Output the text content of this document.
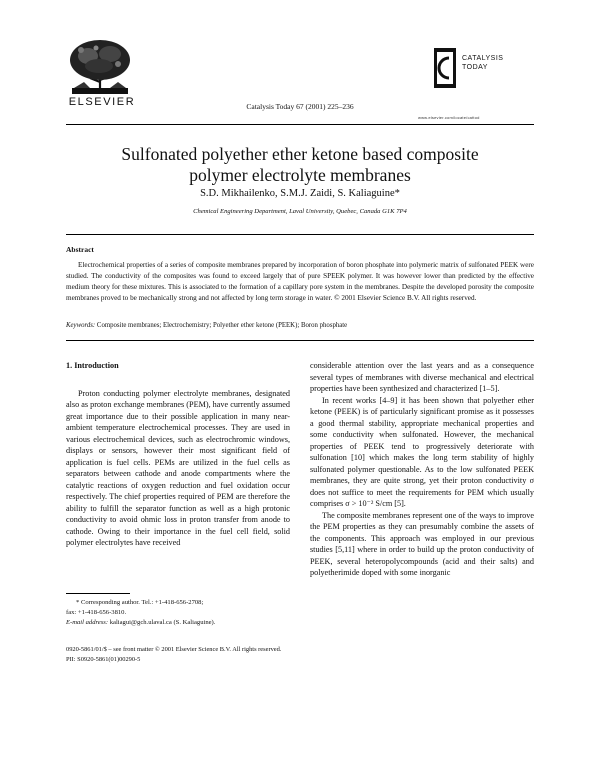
ELSEVIER	Catalysis Today 67 (2001) 225–236
CATALYSIS
TODAY
www.elsevier.com/locate/cattod
Sulfonated polyether ether ketone based composite
polymer electrolyte membranes
S.D. Mikhailenko, S.M.J. Zaidi, S. Kaliaguine*
Chemical Engineering Department, Laval University, Quebec, Canada G1K 7P4
Abstract

Electrochemical properties of a series of composite membranes prepared by incorporation of boron phosphate into polymeric matrix of sulfonated PEEK were studied. The conductivity of the composites was found to exceed largely that of pure SPEEK polymer. It was however lower than predicted by the effective medium theory for these mixtures. This is associated to the formation of a capillary pore system in the membranes. Despite the developed porosity the composite membranes proved to be mechanically strong and not affected by long term storage in water. © 2001 Elsevier Science B.V. All rights reserved.

Keywords: Composite membranes; Electrochemistry; Polyether ether ketone (PEEK); Boron phosphate
1. Introduction

Proton conducting polymer electrolyte membranes, designated also as proton exchange membranes (PEM), have currently assumed great importance due to their possible application in many near-ambient temperature electrochemical processes. They are used in various electrochemical devices, such as electrochromic windows, displays or sensors, however their most significant field of application is fuel cells. PEMs are utilized in the fuel cells as separators between cathode and anode compartments where the catalytic reactions of oxygen reduction and fuel oxidation occur respectively. The chief properties required of PEM are therefore the ability to fulfill the separator function as well as a high protonic conductivity to avoid ohmic loss in proton transfer from anode to cathode. Owing to their importance in the fuel cell field, solid polymer electrolytes have received

considerable attention over the last years and as a consequence several types of membranes with diverse mechanical and electrical properties have been synthesized and characterized [1–5].

In recent works [4–9] it has been shown that polyether ether ketone (PEEK) is of particularly significant promise as it possesses a good thermal stability, appropriate mechanical properties and some conductivity when sulfonated. However, the mechanical properties of PEEK tend to progressively deteriorate with sulfonation [10] which makes the long term stability of highly sulfonated polymer questionable. As to the low sulfonated PEEK membranes, they are quite strong, yet their proton conductivity σ does not suffice to meet the requirements for PEM which usually comprises σ > 10⁻² S/cm [5].

The composite membranes represent one of the ways to improve the PEM properties as they can presumably combine the assets of the components. This approach was employed in our previous studies [5,11] where in order to build up the proton conductivity of PEEK, several heteropolycompounds (acid and their salts) and polyetherimide doped with some inorganic

* Corresponding author. Tel.: +1-418-656-2708;

fax: +1-418-656-3810.

E-mail address: kaliagui@gch.ulaval.ca (S. Kaliaguine).

0920-5861/01/$ – see front matter © 2001 Elsevier Science B.V. All rights reserved.

PII: S0920-5861(01)00290-5
